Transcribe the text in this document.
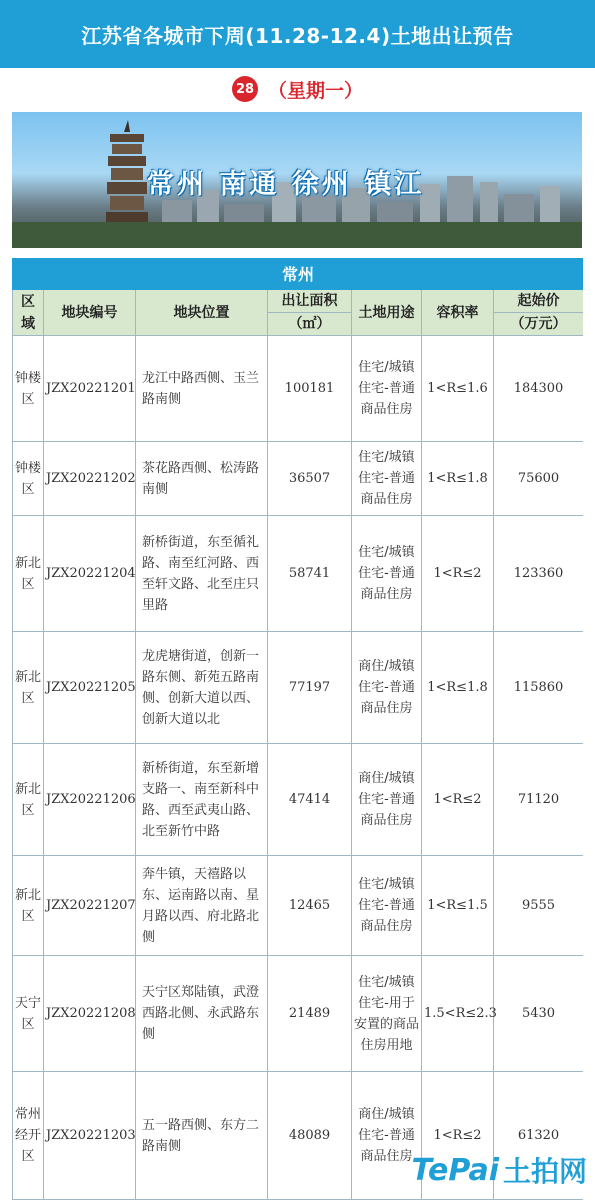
江苏省各城市下周(11.28-12.4)土地出让预告
28 （星期一）
常州 南通 徐州 镇江
常州						
区域	地块编号	地块位置	出让面积	土地用途	容积率	起始价
			（㎡）			（万元）
钟楼区	JZX20221201	龙江中路西侧、玉兰路南侧	100181	住宅/城镇住宅-普通商品住房	1<R≤1.6	184300
钟楼区	JZX20221202	茶花路西侧、松涛路南侧	36507	住宅/城镇住宅-普通商品住房	1<R≤1.8	75600
新北区	JZX20221204	新桥街道，东至循礼路、南至红河路、西至轩文路、北至庄只里路	58741	住宅/城镇住宅-普通商品住房	1<R≤2	123360
新北区	JZX20221205	龙虎塘街道，创新一路东侧、新苑五路南侧、创新大道以西、创新大道以北	77197	商住/城镇住宅-普通商品住房	1<R≤1.8	115860
新北区	JZX20221206	新桥街道，东至新增支路一、南至新科中路、西至武夷山路、北至新竹中路	47414	商住/城镇住宅-普通商品住房	1<R≤2	71120
新北区	JZX20221207	奔牛镇，天禧路以东、运南路以南、星月路以西、府北路北侧	12465	住宅/城镇住宅-普通商品住房	1<R≤1.5	9555
天宁区	JZX20221208	天宁区郑陆镇，武澄西路北侧、永武路东侧	21489	住宅/城镇住宅-用于安置的商品住房用地	1.5<R≤2.3	5430
常州经开区	JZX20221203	五一路西侧、东方二路南侧	48089	商住/城镇住宅-普通商品住房	1<R≤2	61320
TePai 土拍网
